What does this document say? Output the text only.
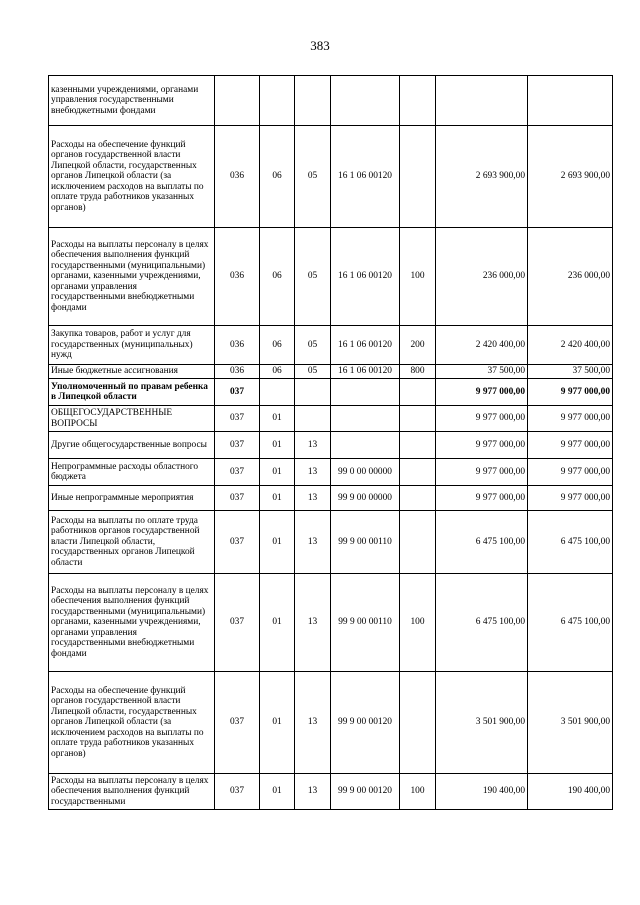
383
казенными учреждениями, органами управления государственными внебюджетными фондами							
Расходы на обеспечение функций органов государственной власти Липецкой области, государственных органов Липецкой области (за исключением расходов на выплаты по оплате труда работников указанных органов)	036	06	05	16 1 06 00120		2 693 900,00	2 693 900,00
Расходы на выплаты персоналу в целях обеспечения выполнения функций государственными (муниципальными) органами, казенными учреждениями, органами управления государственными внебюджетными фондами	036	06	05	16 1 06 00120	100	236 000,00	236 000,00
Закупка товаров, работ и услуг для государственных (муниципальных) нужд	036	06	05	16 1 06 00120	200	2 420 400,00	2 420 400,00
Иные бюджетные ассигнования	036	06	05	16 1 06 00120	800	37 500,00	37 500,00
Уполномоченный по правам ребенка в Липецкой области	037					9 977 000,00	9 977 000,00
ОБЩЕГОСУДАРСТВЕННЫЕ ВОПРОСЫ	037	01				9 977 000,00	9 977 000,00
Другие общегосударственные вопросы	037	01	13			9 977 000,00	9 977 000,00
Непрограммные расходы областного бюджета	037	01	13	99 0 00 00000		9 977 000,00	9 977 000,00
Иные непрограммные мероприятия	037	01	13	99 9 00 00000		9 977 000,00	9 977 000,00
Расходы на выплаты по оплате труда работников органов государственной власти Липецкой области, государственных органов Липецкой области	037	01	13	99 9 00 00110		6 475 100,00	6 475 100,00
Расходы на выплаты персоналу в целях обеспечения выполнения функций государственными (муниципальными) органами, казенными учреждениями, органами управления государственными внебюджетными фондами	037	01	13	99 9 00 00110	100	6 475 100,00	6 475 100,00
Расходы на обеспечение функций органов государственной власти Липецкой области, государственных органов Липецкой области (за исключением расходов на выплаты по оплате труда работников указанных органов)	037	01	13	99 9 00 00120		3 501 900,00	3 501 900,00
Расходы на выплаты персоналу в целях обеспечения выполнения функций государственными	037	01	13	99 9 00 00120	100	190 400,00	190 400,00
